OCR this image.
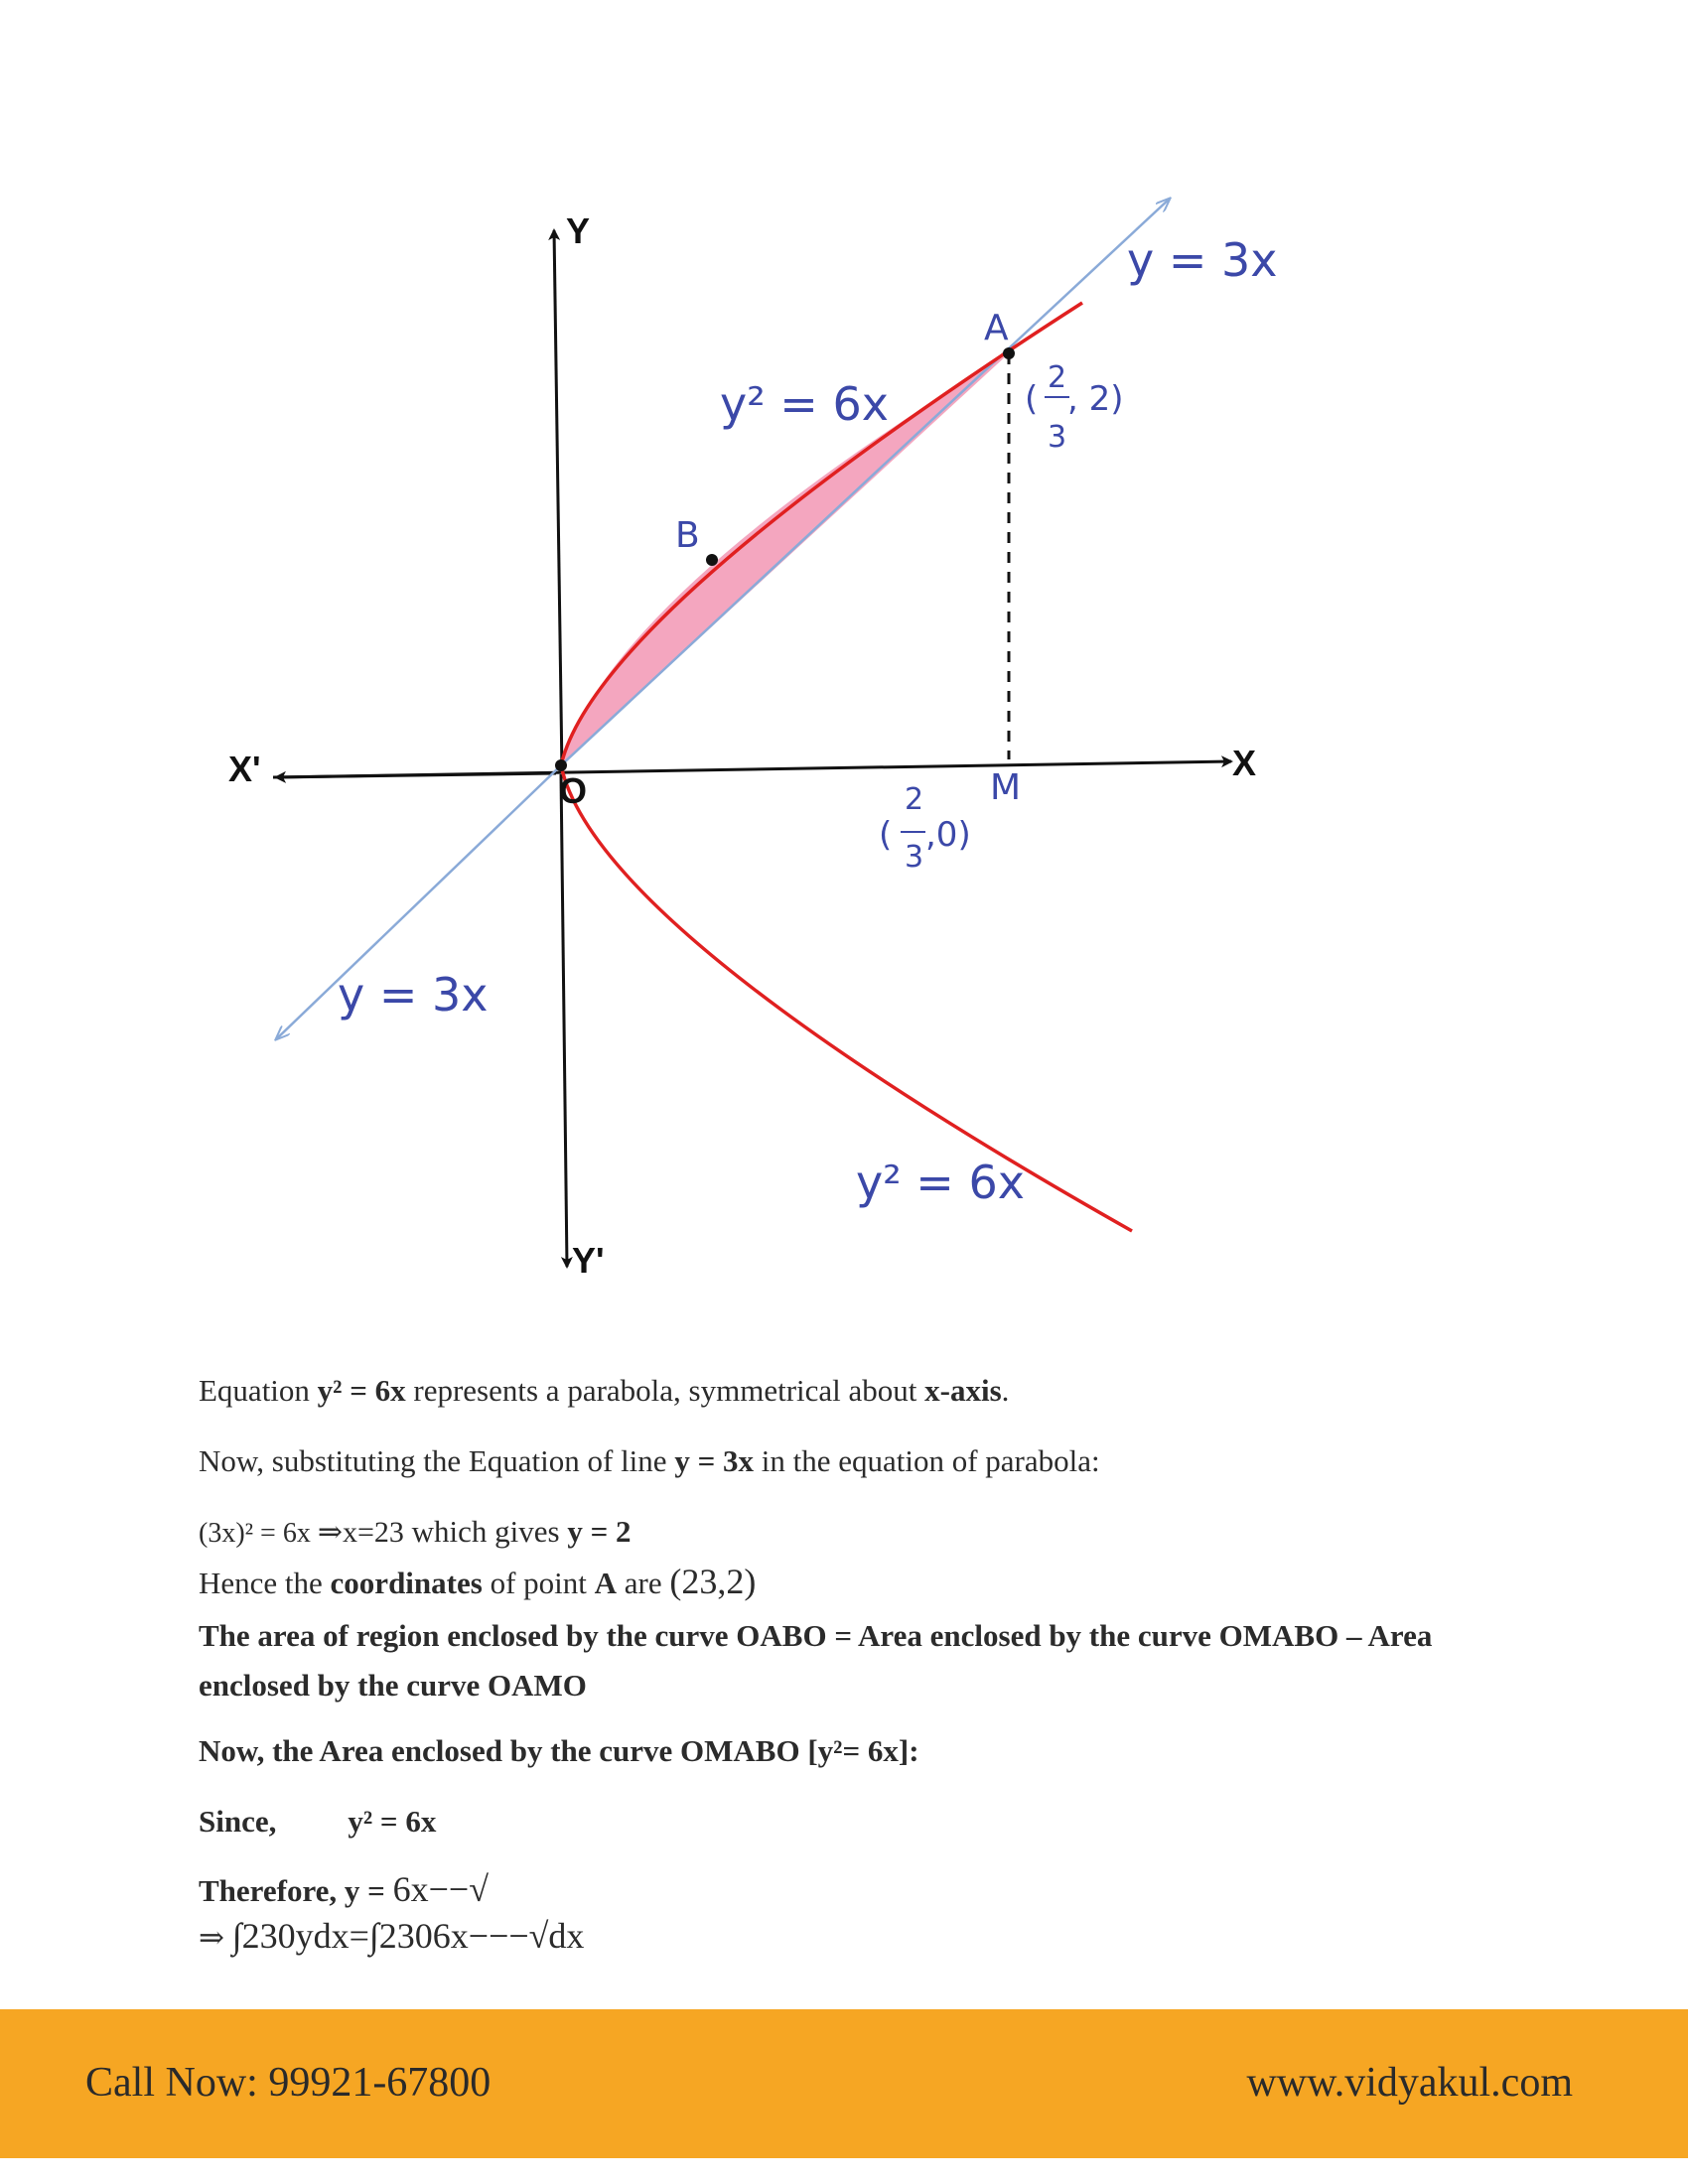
Y
Y'
X
X'
O
A
B
M
y² = 6x
y² = 6x
y = 3x
y = 3x
(
2
3
, 2)
(
2
3
,0)
Equation y² = 6x represents a parabola, symmetrical about x-axis.
Now, substituting the Equation of line y = 3x in the equation of parabola:
(3x)² = 6x ⇒x=23 which gives y = 2
Hence the coordinates of point A are (23,2)
The area of region enclosed by the curve OABO = Area enclosed by the curve OMABO – Area enclosed by the curve OAMO
Now, the Area enclosed by the curve OMABO [y²= 6x]:
Since, y² = 6x
Therefore, y = 6x−−√
⇒ ∫230ydx=∫2306x−−−√dx
Call Now: 99921-67800	www.vidyakul.com
